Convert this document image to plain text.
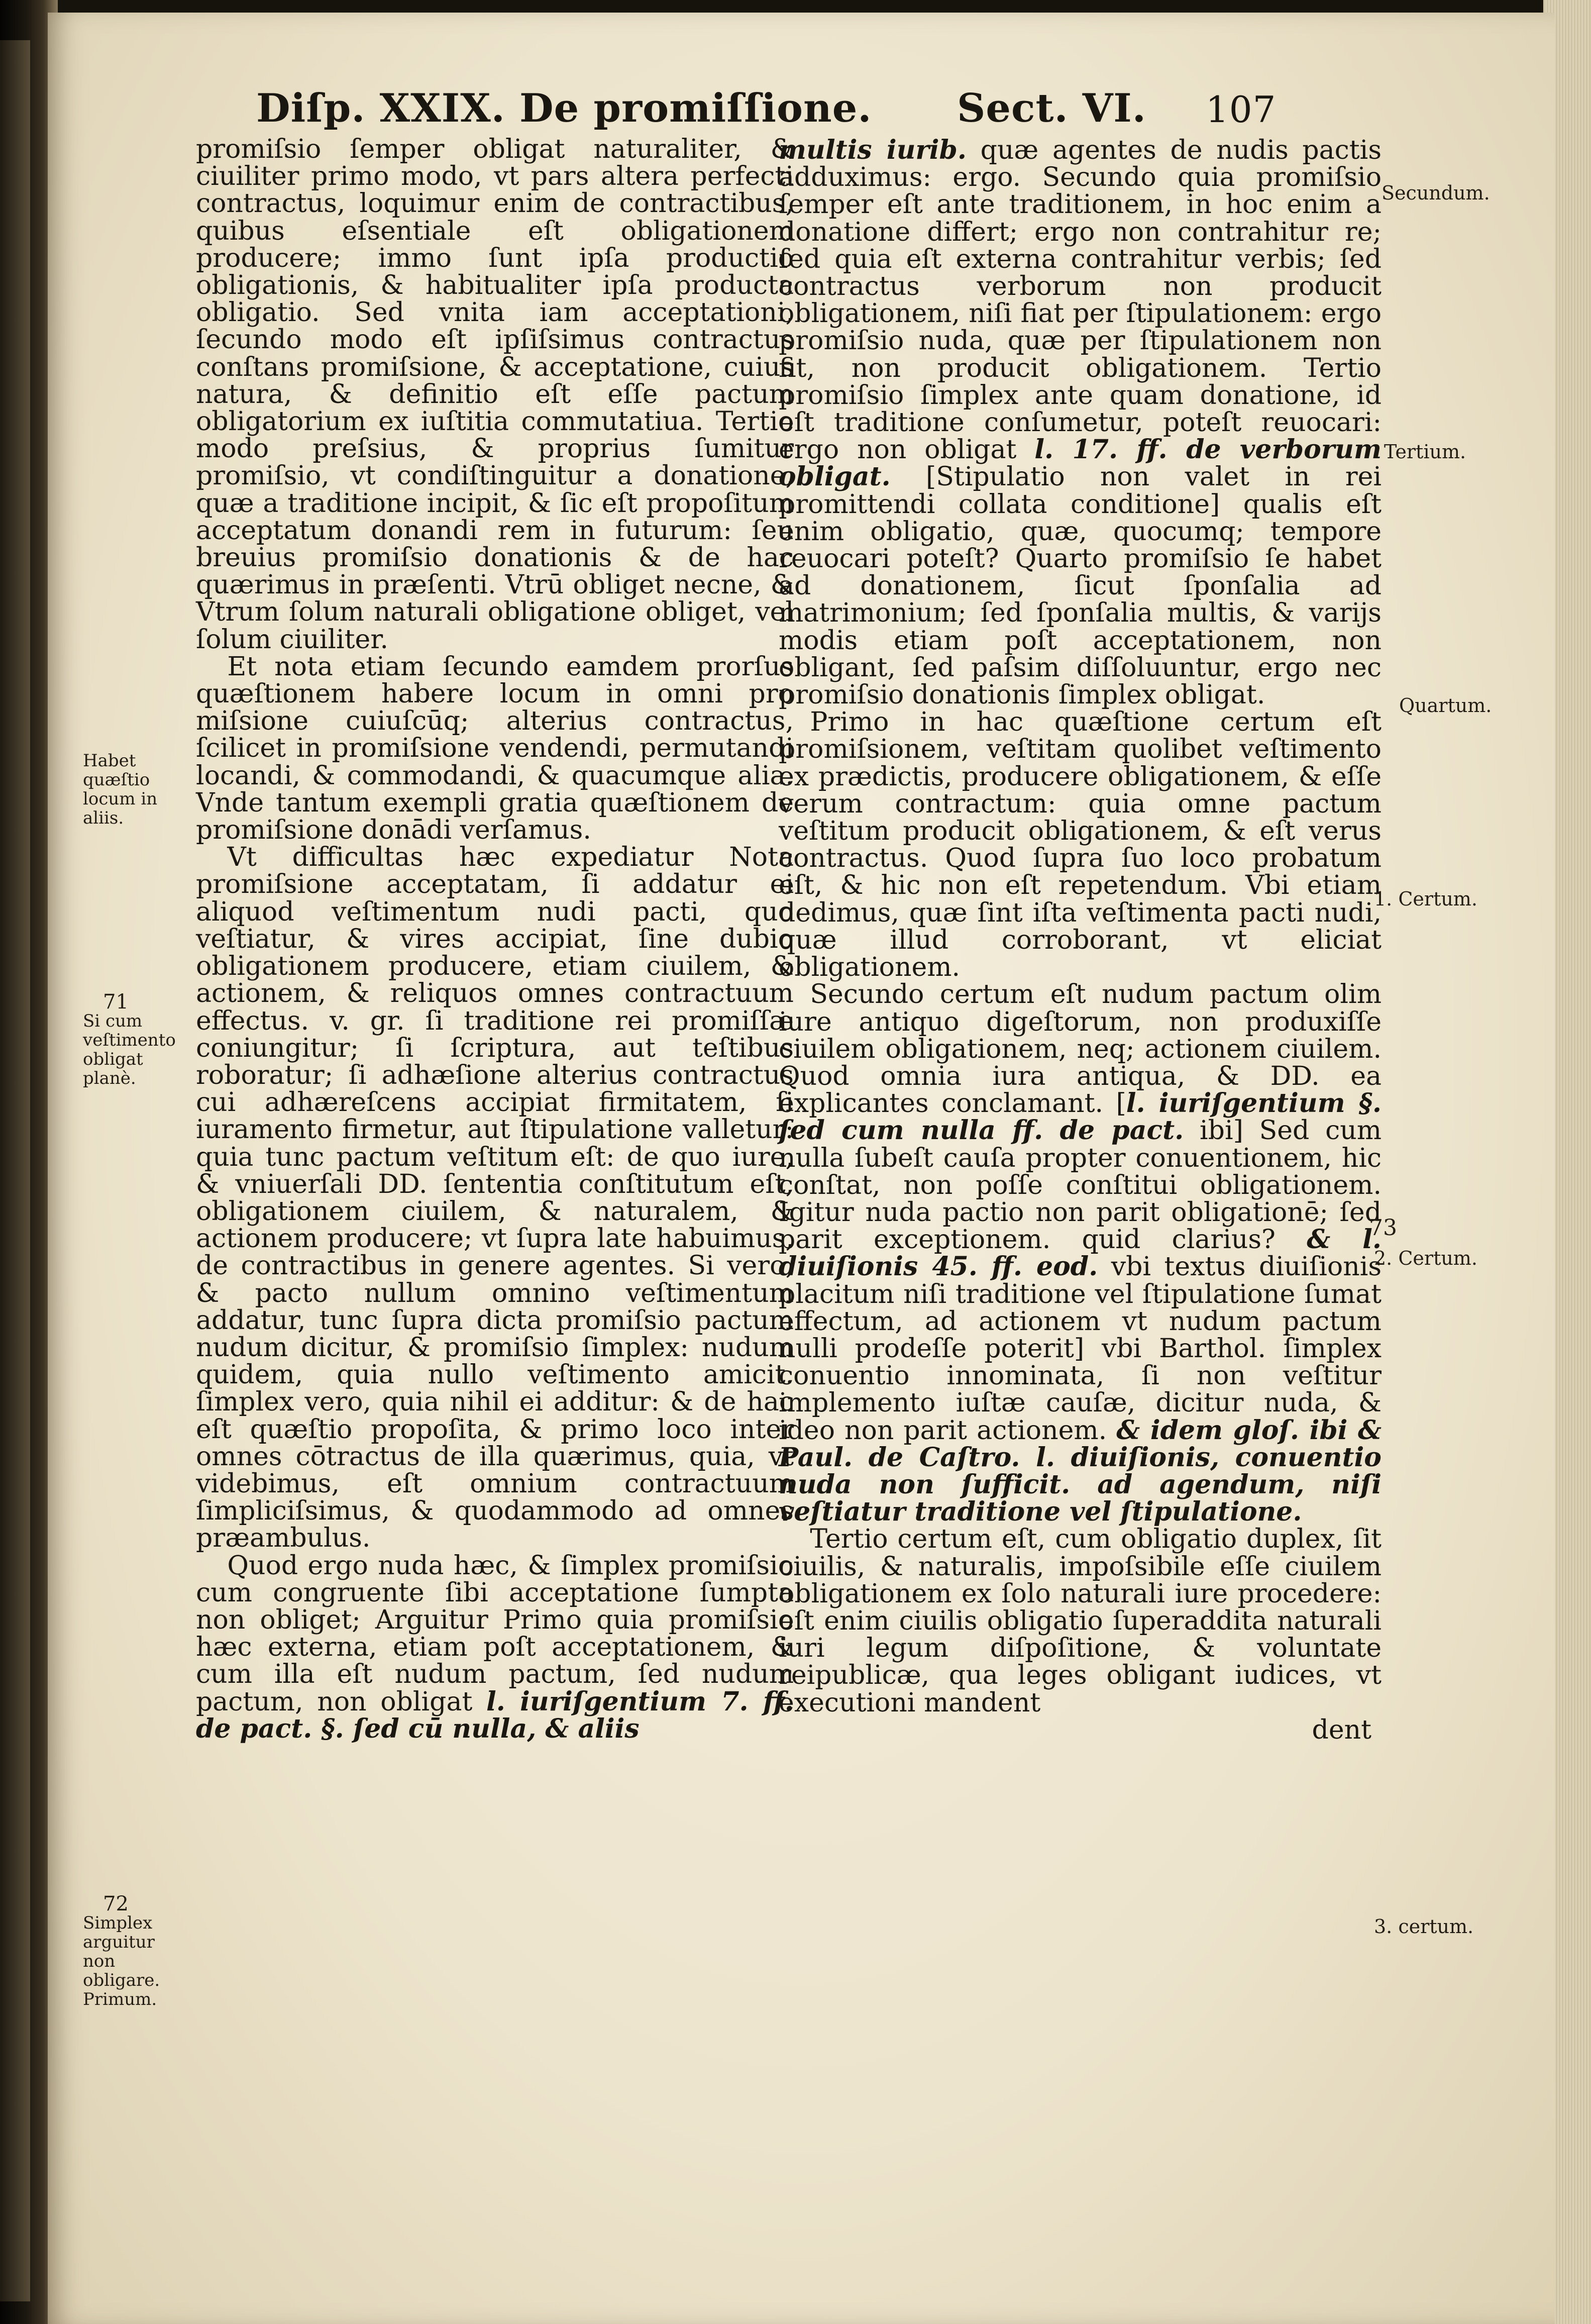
Diſp. XXIX. De promiſſione. Sect. VI. 107

promiſsio ſemper obligat naturaliter, & ciuiliter primo modo, vt pars altera perfecti contractus, loquimur enim de contractibus, quibus eſsentiale eſt obligationem producere; immo ſunt ipſa productio obligationis, & habitualiter ipſa producta obligatio. Sed vnita iam acceptationi, ſecundo modo eſt ipſiſsimus contractus conſtans promiſsione, & acceptatione, cuius natura, & definitio eſt eſſe pactum obligatorium ex iuſtitia commutatiua. Tertio modo preſsius, & proprius ſumitur promiſsio, vt condiſtinguitur a donatione, quæ a traditione incipit, & ſic eſt propoſitum acceptatum donandi rem in futurum: ſeu breuius promiſsio donationis & de hac quærimus in præſenti. Vtrū obliget necne, & Vtrum ſolum naturali obligatione obliget, vel ſolum ciuiliter.

Et nota etiam ſecundo eamdem prorſus quæſtionem habere locum in omni pro miſsione cuiuſcūq; alterius contractus, ſcilicet in promiſsione vendendi, permutandi locandi, & commodandi, & quacumque alia. Vnde tantum exempli gratia quæſtionem de promiſsione donādi verſamus.

Vt difficultas hæc expediatur Nota promiſsione acceptatam, ſi addatur ei aliquod veſtimentum nudi pacti, quo veſtiatur, & vires accipiat, ſine dubio obligationem producere, etiam ciuilem, & actionem, & reliquos omnes contractuum effectus. v. gr. ſi traditione rei promiſſæ coniungitur; ſi ſcriptura, aut teſtibus roboratur; ſi adhæſione alterius contractus cui adhæreſcens accipiat firmitatem, ſi iuramento firmetur, aut ſtipulatione valletur: quia tunc pactum veſtitum eſt: de quo iure, & vniuerſali DD. ſententia conſtitutum eſt, obligationem ciuilem, & naturalem, & actionem producere; vt ſupra late habuimus, de contractibus in genere agentes. Si vero, & pacto nullum omnino veſtimentum addatur, tunc ſupra dicta promiſsio pactum nudum dicitur, & promiſsio ſimplex: nudum quidem, quia nullo veſtimento amicit. ſimplex vero, quia nihil ei additur: & de hac eſt quæſtio propoſita, & primo loco inter omnes cōtractus de illa quærimus, quia, vt videbimus, eſt omnium contractuum ſimpliciſsimus, & quodammodo ad omnes præambulus.

Quod ergo nuda hæc, & ſimplex promiſsio cum congruente ſibi acceptatione ſumpta non obliget; Arguitur Primo quia promiſsio hæc externa, etiam poſt acceptationem, & cum illa eſt nudum pactum, ſed nudum pactum, non obligat l. iuriſgentium 7. ff. de pact. §. ſed cū nulla, & aliis

multis iurib. quæ agentes de nudis pactis adduximus: ergo. Secundo quia promiſsio ſemper eſt ante traditionem, in hoc enim a donatione differt; ergo non contrahitur re; ſed quia eſt externa contrahitur verbis; ſed contractus verborum non producit obligationem, niſi fiat per ſtipulationem: ergo promiſsio nuda, quæ per ſtipulationem non fit, non producit obligationem. Tertio promiſsio ſimplex ante quam donatione, id eſt traditione conſumetur, poteſt reuocari: ergo non obligat l. 17. ff. de verborum obligat. [Stipulatio non valet in rei promittendi collata conditione] qualis eſt enim obligatio, quæ, quocumq; tempore reuocari poteſt? Quarto promiſsio ſe habet ad donationem, ſicut ſponſalia ad matrimonium; ſed ſponſalia multis, & varijs modis etiam poſt acceptationem, non obligant, ſed paſsim diſſoluuntur, ergo nec promiſsio donationis ſimplex obligat.

Primo in hac quæſtione certum eſt promiſsionem, veſtitam quolibet veſtimento ex prædictis, producere obligationem, & eſſe verum contractum: quia omne pactum veſtitum producit obligationem, & eſt verus contractus. Quod ſupra ſuo loco probatum eſt, & hic non eſt repetendum. Vbi etiam dedimus, quæ ſint iſta veſtimenta pacti nudi, quæ illud corroborant, vt eliciat obligationem.

Secundo certum eſt nudum pactum olim iure antiquo digeſtorum, non produxiſſe ciuilem obligationem, neq; actionem ciuilem. Quod omnia iura antiqua, & DD. ea explicantes conclamant. [l. iuriſgentium §. ſed cum nulla ff. de pact. ibi] Sed cum nulla ſubeſt cauſa propter conuentionem, hic conſtat, non poſſe conſtitui obligationem. Igitur nuda pactio non parit obligationē; ſed parit exceptionem. quid clarius? & l. diuiſionis 45. ff. eod. vbi textus diuiſionis placitum niſi traditione vel ſtipulatione ſumat effectum, ad actionem vt nudum pactum nulli prodeſſe poterit] vbi Barthol. ſimplex conuentio innominata, ſi non veſtitur implemento iuſtæ cauſæ, dicitur nuda, & ideo non parit actionem. & idem gloſ. ibi & Paul. de Caſtro. l. diuiſionis, conuentio nuda non ſufficit. ad agendum, niſi veſtiatur traditione vel ſtipulatione.

Tertio certum eſt, cum obligatio duplex, ſit ciuilis, & naturalis, impoſsibile eſſe ciuilem obligationem ex ſolo naturali iure procedere: eſt enim ciuilis obligatio ſuperaddita naturali iuri legum diſpoſitione, & voluntate reipublicæ, qua leges obligant iudices, vt executioni mandent

dent

Habet quæſtio locum in aliis.
71
Si cum veſtimento obligat planè.
72
Simplex arguitur non obligare. Primum.
Secundum.
Tertium.
Quartum.
1. Certum.
73
2. Certum.
3. certum.
